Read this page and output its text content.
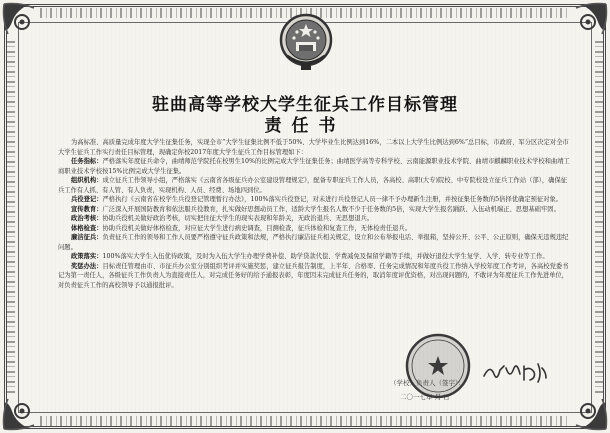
驻曲高等学校大学生征兵工作目标管理
责任书

为高标准、高质量完成年度大学生征集任务，实现全市“大学生征集比例不低于50%、大学毕业生比例达到16%，二本以上大学生比例达到6%”总目标，市政府、军分区决定对全市大学生征兵工作实行责任目标管理，现确定你校2017年度大学生征兵工作目标管理如下：

任务指标：严格落实年度征兵命令，曲靖师范学院托在校男生10%的比例完成大学生征集任务；曲靖医学高等专科学校、云南能源职业技术学院、曲靖市麒麟职业技术学校和曲靖工商职业技术学校按15%比例完成大学生征集。

组织机构：成立征兵工作领导小组，严格落实《云南省各级征兵办公室建设管理规定》，配备专职征兵工作人员，各高校、高职(大专)院校、中专院校设立征兵工作站（部），确保征兵工作有人抓、有人管、有人负责，实现机构、人员、经费、场地四到位。

兵役登记：严格执行《云南省在校学生兵役登记管理暂行办法》，100%落实兵役登记，对未进行兵役登记人员一律不予办理新生注册，并按征集任务数的5倍择优确定预征对象。

宣传教育：广泛深入开展国防教育和依法服兵役教育，扎实做好思想动员工作，适龄大学生报名人数不少于任务数的5倍，实现大学生报名踊跃、入伍动机端正、思想基础牢固。

政治考核：协助兵役机关做好政治考核，切实把住征大学生的现实表现和年龄关，无政治退兵、无思想退兵。

体格检查：协助兵役机关做好体格检查，对应征大学生进行病史调查，目测检查，征兵体检和复查工作，无体检责任退兵。

廉洁征兵：负责征兵工作的领导和工作人员要严格遵守征兵政策和法规，严格执行廉洁征兵相关规定，设立和公布举报电话、举报箱，坚持公开、公平、公正原则，确保无违规违纪问题。

政策落实：100%落实大学生入伍优待政策，及时为入伍大学生办理学费补偿、助学贷款代偿、学费减免及保留学籍等手续，并做好退役大学生复学、入学、转专业等工作。

奖惩办法：目标责任管理由市、市征兵办公室分别组织考评并实施奖惩，建立征兵报告制度，上半年、合格率、任务完成情况和年度兵役工作纳入学校年度工作考评，各高校党委书记为第一责任人，各级征兵工作负责人为直接责任人，对完成任务好的给予通报表彰，年度因未完成征兵任务的，取消年度评优资格，对出现问题的，不敢评为年度征兵工作先进单位，对负责征兵工作的高校领导予以通报批评。

（学校）负责人（签字）：
二〇一七年 月 日
